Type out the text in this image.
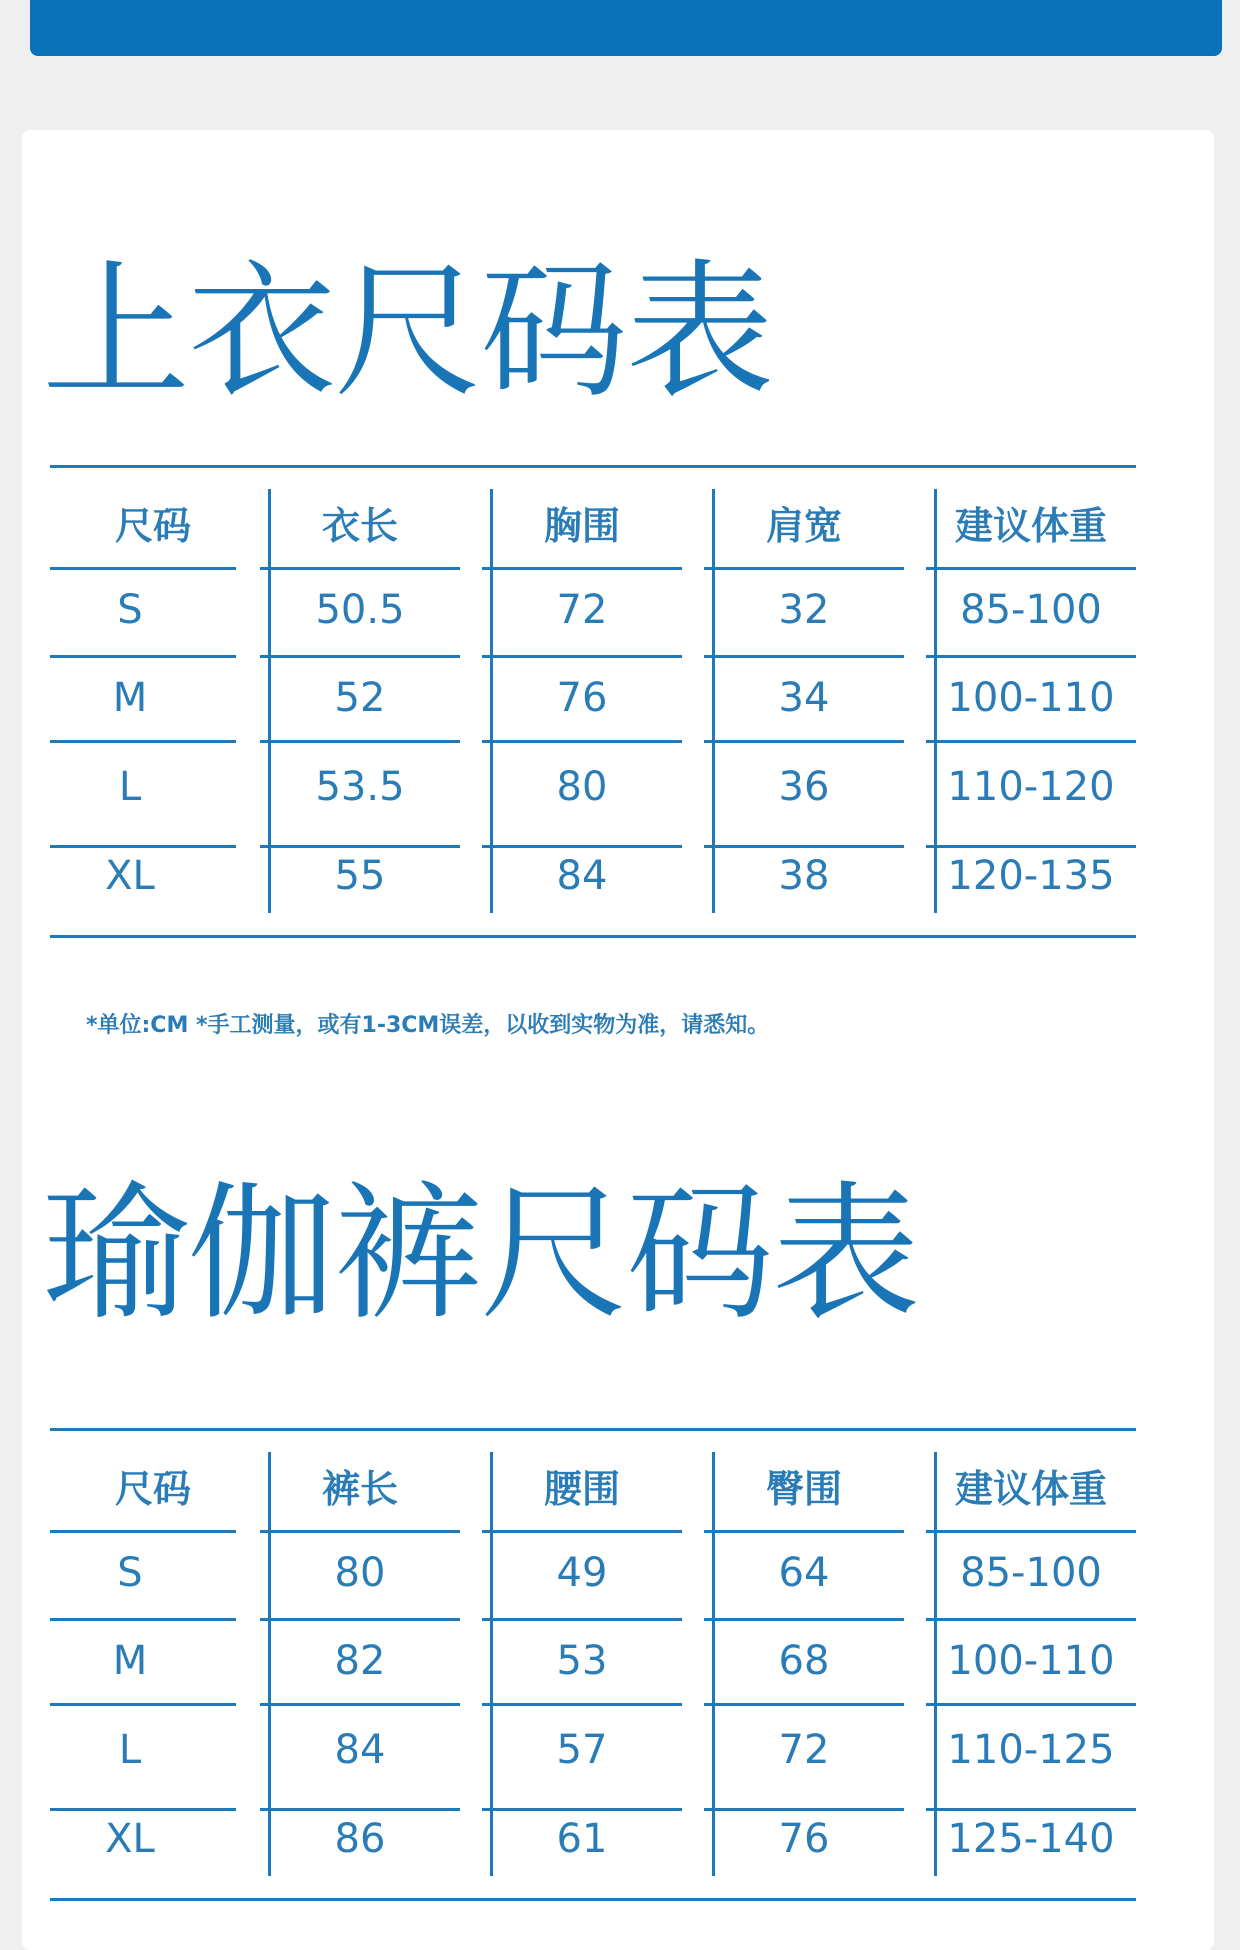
上衣尺码表
尺码	衣长	胸围	肩宽	建议体重
S	50.5	72	32	85-100
M	52	76	34	100-110
L	53.5	80	36	110-120
XL	55	84	38	120-135
*单位:CM *手工测量，或有1-3CM误差，以收到实物为准，请悉知。
瑜伽裤尺码表
尺码	裤长	腰围	臀围	建议体重
S	80	49	64	85-100
M	82	53	68	100-110
L	84	57	72	110-125
XL	86	61	76	125-140
